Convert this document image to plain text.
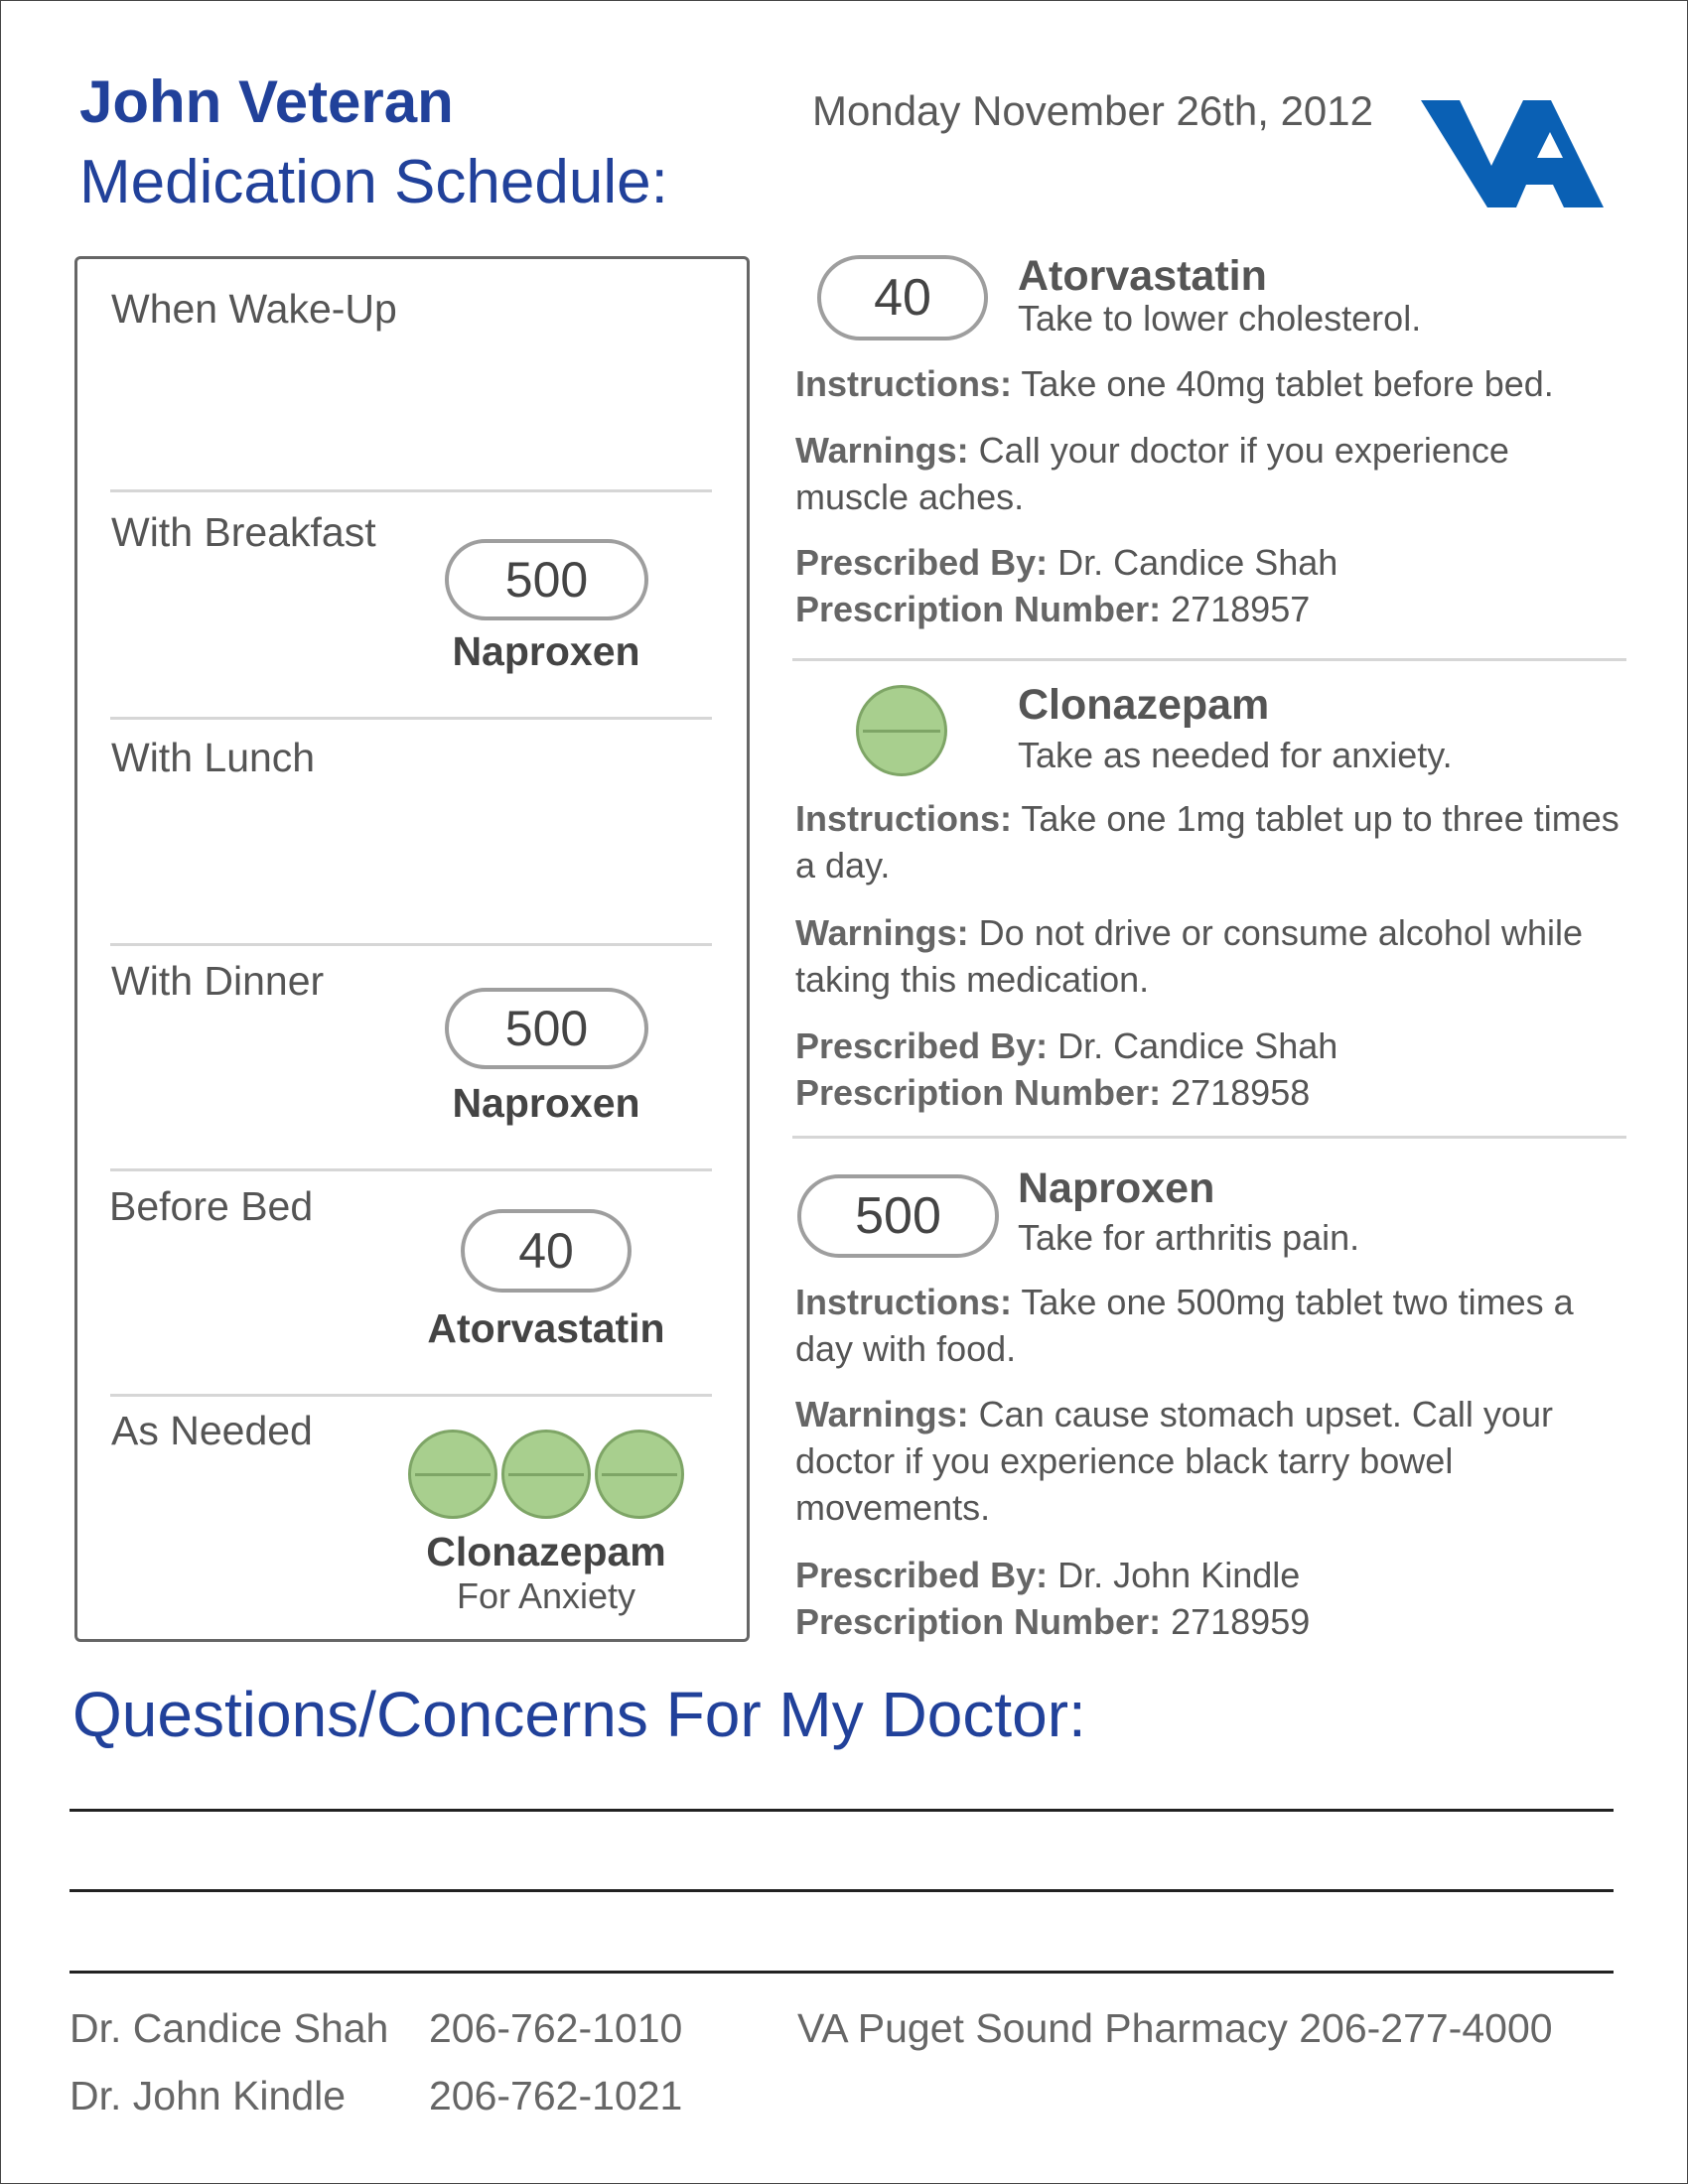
John Veteran
Medication Schedule:
Monday November 26th, 2012
When Wake-Up
With Breakfast
500
Naproxen
With Lunch
With Dinner
500
Naproxen
Before Bed
40
Atorvastatin
As Needed
Clonazepam
For Anxiety
40 Atorvastatin
Take to lower cholesterol.
Instructions: Take one 40mg tablet before bed.
Warnings: Call your doctor if you experience muscle aches.
Prescribed By: Dr. Candice Shah
Prescription Number: 2718957
Clonazepam
Take as needed for anxiety.
Instructions: Take one 1mg tablet up to three times a day.
Warnings: Do not drive or consume alcohol while taking this medication.
Prescribed By: Dr. Candice Shah
Prescription Number: 2718958
500 Naproxen
Take for arthritis pain.
Instructions: Take one 500mg tablet two times a day with food.
Warnings: Can cause stomach upset. Call your doctor if you experience black tarry bowel movements.
Prescribed By: Dr. John Kindle
Prescription Number: 2718959
Questions/Concerns For My Doctor:
Dr. Candice Shah 206-762-1010
Dr. John Kindle 206-762-1021
VA Puget Sound Pharmacy 206-277-4000
